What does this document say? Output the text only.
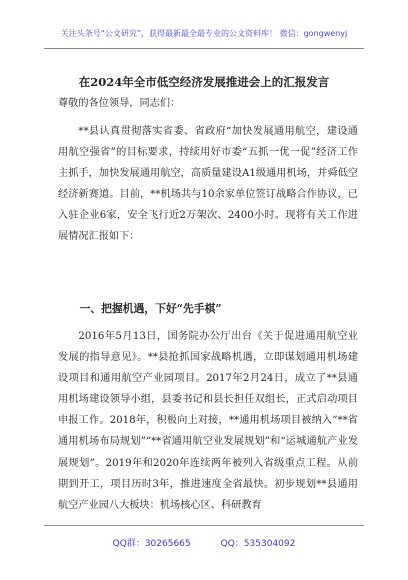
关注头条号“公文研究”，获得最新最全最专业的公文资料库！ 微信：gongwenyj
在2024年全市低空经济发展推进会上的汇报发言
尊敬的各位领导，同志们：
**县认真贯彻落实省委、省政府“加快发展通用航空，建设通用航空强省”的目标要求，持续用好市委“五抓一优一促”经济工作主抓手，加快发展通用航空，高质量建设A1级通用机场，并舜低空经济新赛道。目前，**机场共与10余家单位签订战略合作协议，已入驻企业6家，安全飞行近2万架次、2400小时。现将有关工作进展情况汇报如下：
一、把握机遇，下好“先手棋”
2016年5月13日，国务院办公厅出台《关于促进通用航空业发展的指导意见》。**县抢抓国家战略机遇，立即谋划通用机场建设项目和通用航空产业园项目。2017年2月24日，成立了**县通用机场建设领导小组，县委书记和县长担任双组长，正式启动项目申报工作。2018年，积极向上对接，**通用机场项目被纳入“**省通用机场布局规划”“**省通用航空业发展规划”和“运城通航产业发展规划”。2019年和2020年连续两年被列入省级重点工程。从前期到开工，项目历时3年，推进速度全省最快。初步规划**县通用航空产业园八大板块：机场核心区、科研教育
QQ群：30265665	QQ：535304092
